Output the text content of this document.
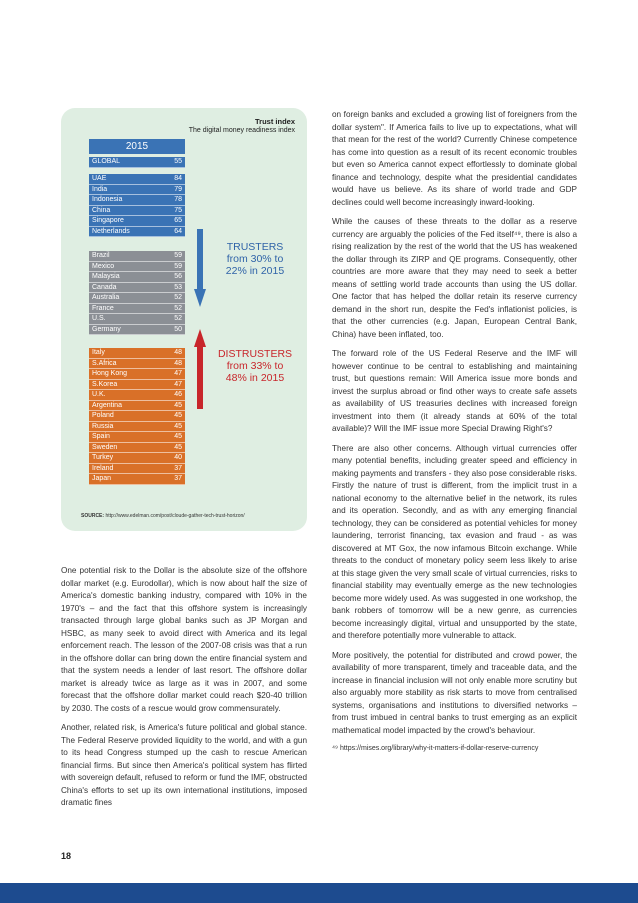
Trust index
The digital money readiness index
2015
GLOBAL	55
UAE	84
India	79
Indonesia	78
China	75
Singapore	65
Netherlands	64
Brazil	59
Mexico	59
Malaysia	56
Canada	53
Australia	52
France	52
U.S.	52
Germany	50
Italy	48
S.Africa	48
Hong Kong	47
S.Korea	47
U.K.	46
Argentina	45
Poland	45
Russia	45
Spain	45
Sweden	45
Turkey	40
Ireland	37
Japan	37
TRUSTERS
from 30% to
22% in 2015
DISTRUSTERS
from 33% to
48% in 2015
SOURCE: http://www.edelman.com/post/cloude-gather-tech-trust-horizon/

One potential risk to the Dollar is the absolute size of the offshore dollar market (e.g. Eurodollar), which is now about half the size of America's domestic banking industry, compared with 10% in the 1970's – and the fact that this offshore system is increasingly transacted through large global banks such as JP Morgan and HSBC, as many seek to avoid direct with America and its legal enforcement reach. The lesson of the 2007-08 crisis was that a run in the offshore dollar can bring down the entire financial system and that the system needs a lender of last resort. The offshore dollar market is already twice as large as it was in 2007, and some forecast that the offshore dollar market could reach $20-40 trillion by 2030. The costs of a rescue would grow commensurately.

Another, related risk, is America's future political and global stance. The Federal Reserve provided liquidity to the world, and with a gun to its head Congress stumped up the cash to rescue American financial firms. But since then America's political system has flirted with sovereign default, refused to reform or fund the IMF, obstructed China's efforts to set up its own international institutions, imposed dramatic fines

on foreign banks and excluded a growing list of foreigners from the dollar system". If America fails to live up to expectations, what will that mean for the rest of the world? Currently Chinese competence has come into question as a result of its recent economic troubles but even so America cannot expect effortlessly to dominate global finance and technology, despite what the presidential candidates would have us believe. As its share of world trade and GDP declines could well become increasingly inward-looking.

While the causes of these threats to the dollar as a reserve currency are arguably the policies of the Fed itself⁴⁹, there is also a rising realization by the rest of the world that the US has weakened the dollar through its ZIRP and QE programs. Consequently, other countries are more aware that they may need to seek a better means of settling world trade accounts than using the US dollar. One factor that has helped the dollar retain its reserve currency demand in the short run, despite the Fed's inflationist policies, is that the other currencies (e.g. Japan, European Central Bank, China) have been inflated, too.

The forward role of the US Federal Reserve and the IMF will however continue to be central to establishing and maintaining trust, but questions remain: Will America issue more bonds and invest the surplus abroad or find other ways to create safe assets as availability of US treasuries declines with increased foreign investment into them (it already stands at 60% of the total available)? Will the IMF issue more Special Drawing Right's?

There are also other concerns. Although virtual currencies offer many potential benefits, including greater speed and efficiency in making payments and transfers - they also pose considerable risks. Firstly the nature of trust is different, from the implicit trust in a national economy to the alternative belief in the network, its rules and its operation. Secondly, and as with any emerging financial technology, they can be considered as potential vehicles for money laundering, terrorist financing, tax evasion and fraud - as was discovered at MT Gox, the now infamous Bitcoin exchange. While threats to the conduct of monetary policy seem less likely to arise at this stage given the very small scale of virtual currencies, risks to financial stability may eventually emerge as the new technologies become more widely used. As was suggested in one workshop, the bank robbers of tomorrow will be a new genre, as currencies become increasingly digital, virtual and unsupported by the state, and therefore potentially more vulnerable to attack.

More positively, the potential for distributed and crowd power, the availability of more transparent, timely and traceable data, and the increase in financial inclusion will not only enable more scrutiny but also arguably more stability as risk starts to move from centralised systems, organisations and institutions to diversified networks – from trust imbued in central banks to trust emerging as an explicit mathematical model impacted by the crowd's behaviour.

⁴⁹ https://mises.org/library/why-it-matters-if-dollar-reserve-currency
18
